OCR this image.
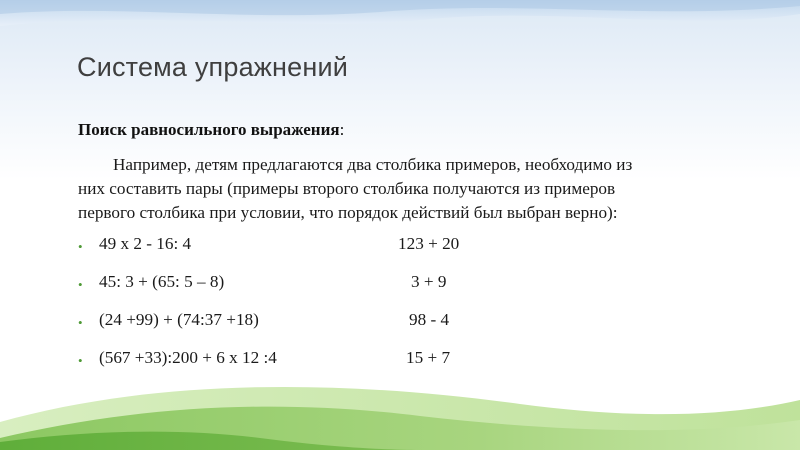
Система упражнений
Поиск равносильного выражения:
Например, детям предлагаются два столбика примеров, необходимо из
них составить пары (примеры второго столбика получаются из примеров
первого столбика при условии, что порядок действий был выбран верно):
• 49 x 2 - 16: 4	123 + 20
• 45: 3 + (65: 5 – 8)	3 + 9
• (24 +99) + (74:37 +18)	98 - 4
• (567 +33):200 + 6 x 12 :4	15 + 7
